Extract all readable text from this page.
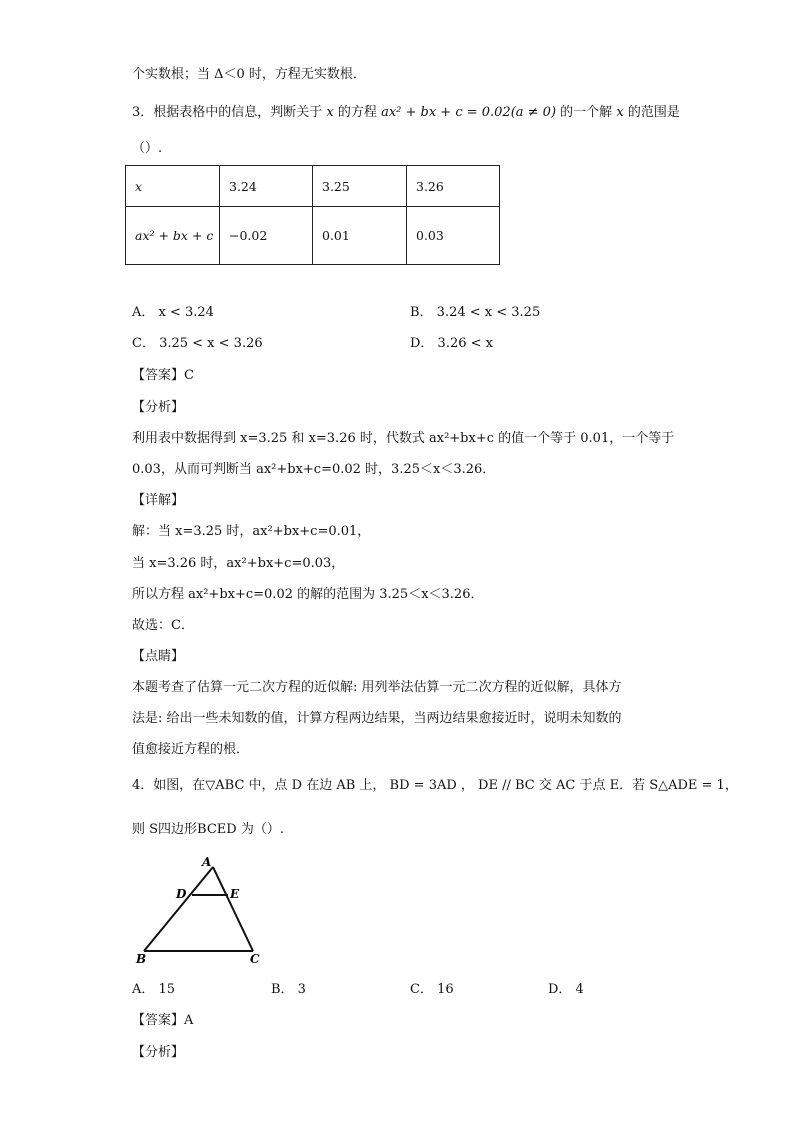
个实数根；当 Δ＜0 时，方程无实数根．
3．根据表格中的信息，判断关于 x 的方程 ax² + bx + c = 0.02(a ≠ 0) 的一个解 x 的范围是
（）.
x	3.24	3.25	3.26
ax² + bx + c	−0.02	0.01	0.03
A． x < 3.24	B． 3.24 < x < 3.25
C． 3.25 < x < 3.26	D． 3.26 < x
【答案】C
【分析】
利用表中数据得到 x=3.25 和 x=3.26 时，代数式 ax²+bx+c 的值一个等于 0.01，一个等于
0.03，从而可判断当 ax²+bx+c=0.02 时，3.25＜x＜3.26．
【详解】
解：当 x=3.25 时，ax²+bx+c=0.01，
当 x=3.26 时，ax²+bx+c=0.03，
所以方程 ax²+bx+c=0.02 的解的范围为 3.25＜x＜3.26．
故选：C．
【点睛】
本题考查了估算一元二次方程的近似解: 用列举法估算一元二次方程的近似解，具体方
法是: 给出一些未知数的值，计算方程两边结果，当两边结果愈接近时，说明未知数的
值愈接近方程的根．
4．如图，在▽ABC 中，点 D 在边 AB 上， BD = 3AD ， DE // BC 交 AC 于点 E．若 S△ADE = 1，
则 S四边形BCED 为（）.
A
D	E
B	C
A． 15	B． 3	C． 16	D． 4
【答案】A
【分析】
